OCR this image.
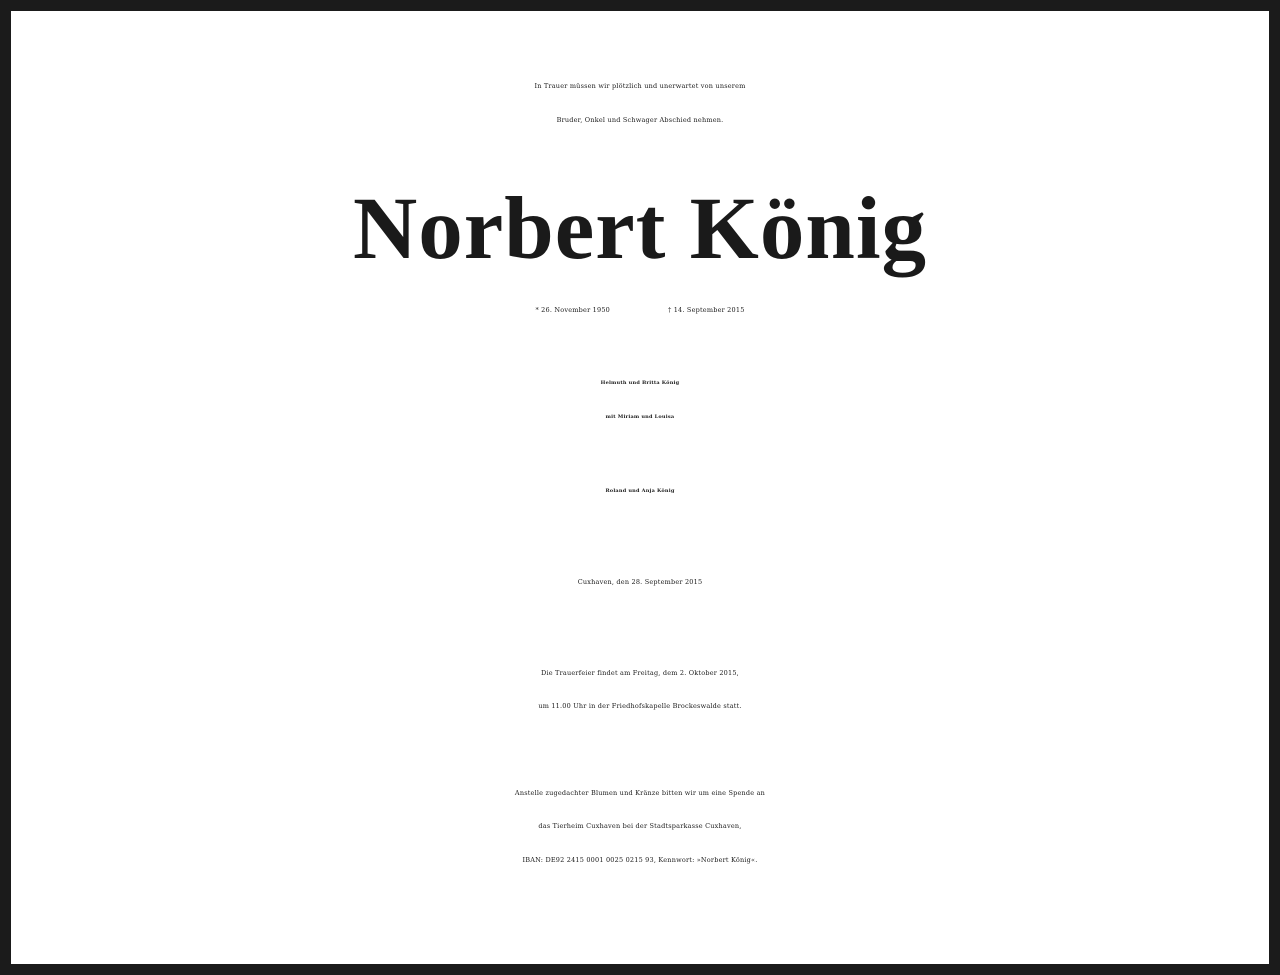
In Trauer müssen wir plötzlich und unerwartet von unserem
Bruder, Onkel und Schwager Abschied nehmen.
Norbert König
* 26. November 1950	† 14. September 2015
Helmuth und Britta König
mit Miriam und Louisa
Roland und Anja König
Cuxhaven, den 28. September 2015
Die Trauerfeier findet am Freitag, dem 2. Oktober 2015,
um 11.00 Uhr in der Friedhofskapelle Brockeswalde statt.
Anstelle zugedachter Blumen und Kränze bitten wir um eine Spende an
das Tierheim Cuxhaven bei der Stadtsparkasse Cuxhaven,
IBAN: DE92 2415 0001 0025 0215 93, Kennwort: »Norbert König«.
